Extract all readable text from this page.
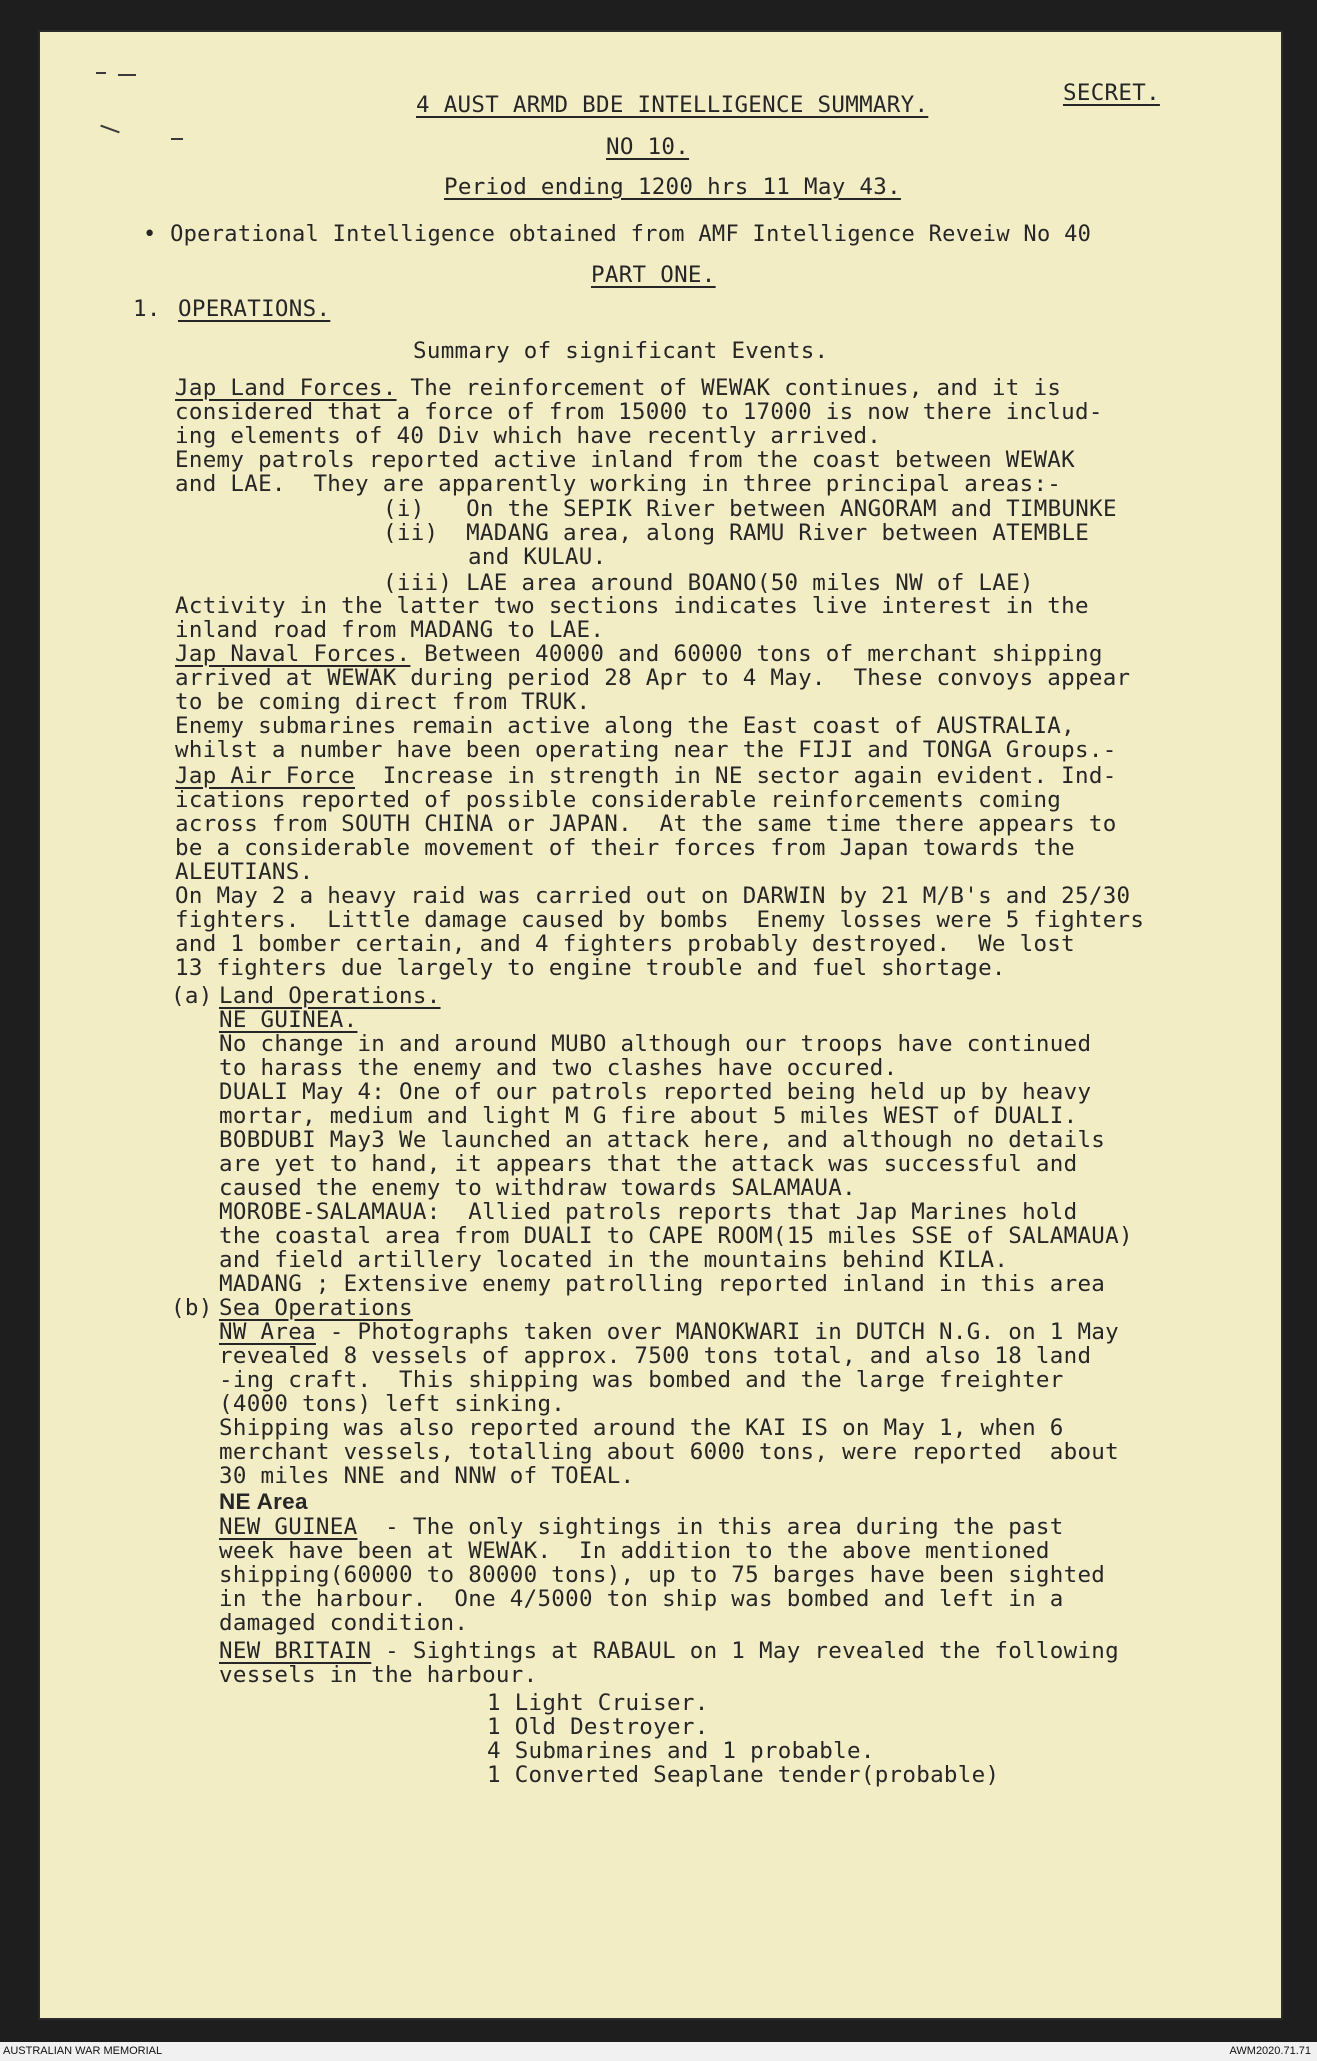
4 AUST ARMD BDE INTELLIGENCE SUMMARY.	SECRET.
NO 10.
Period ending 1200 hrs 11 May 43.
• Operational Intelligence obtained from AMF Intelligence Reveiw No 40
PART ONE.
1. OPERATIONS.
Summary of significant Events.
Jap Land Forces. The reinforcement of WEWAK continues, and it is
considered that a force of from 15000 to 17000 is now there includ-
ing elements of 40 Div which have recently arrived.
Enemy patrols reported active inland from the coast between WEWAK
and LAE.  They are apparently working in three principal areas:-
(i)   On the SEPIK River between ANGORAM and TIMBUNKE
(ii)  MADANG area, along RAMU River between ATEMBLE
and KULAU.
(iii) LAE area around BOANO(50 miles NW of LAE)
Activity in the latter two sections indicates live interest in the
inland road from MADANG to LAE.
Jap Naval Forces. Between 40000 and 60000 tons of merchant shipping
arrived at WEWAK during period 28 Apr to 4 May.  These convoys appear
to be coming direct from TRUK.
Enemy submarines remain active along the East coast of AUSTRALIA,
whilst a number have been operating near the FIJI and TONGA Groups.-
Jap Air Force  Increase in strength in NE sector again evident. Ind-
ications reported of possible considerable reinforcements coming
across from SOUTH CHINA or JAPAN.  At the same time there appears to
be a considerable movement of their forces from Japan towards the
ALEUTIANS.
On May 2 a heavy raid was carried out on DARWIN by 21 M/B's and 25/30
fighters.  Little damage caused by bombs  Enemy losses were 5 fighters
and 1 bomber certain, and 4 fighters probably destroyed.  We lost
13 fighters due largely to engine trouble and fuel shortage.
(a) Land Operations.
NE GUINEA.
No change in and around MUBO although our troops have continued
to harass the enemy and two clashes have occured.
DUALI May 4: One of our patrols reported being held up by heavy
mortar, medium and light M G fire about 5 miles WEST of DUALI.
BOBDUBI May3 We launched an attack here, and although no details
are yet to hand, it appears that the attack was successful and
caused the enemy to withdraw towards SALAMAUA.
MOROBE-SALAMAUA:  Allied patrols reports that Jap Marines hold
the coastal area from DUALI to CAPE ROOM(15 miles SSE of SALAMAUA)
and field artillery located in the mountains behind KILA.
MADANG ; Extensive enemy patrolling reported inland in this area
(b) Sea Operations
NW Area - Photographs taken over MANOKWARI in DUTCH N.G. on 1 May
revealed 8 vessels of approx. 7500 tons total, and also 18 land
-ing craft.  This shipping was bombed and the large freighter
(4000 tons) left sinking.
Shipping was also reported around the KAI IS on May 1, when 6
merchant vessels, totalling about 6000 tons, were reported  about
30 miles NNE and NNW of TOEAL.
NE Area
NEW GUINEA  - The only sightings in this area during the past
week have been at WEWAK.  In addition to the above mentioned
shipping(60000 to 80000 tons), up to 75 barges have been sighted
in the harbour.  One 4/5000 ton ship was bombed and left in a
damaged condition.
NEW BRITAIN - Sightings at RABAUL on 1 May revealed the following
vessels in the harbour.
1 Light Cruiser.
1 Old Destroyer.
4 Submarines and 1 probable.
1 Converted Seaplane tender(probable)
AUSTRALIAN WAR MEMORIAL	AWM2020.71.71
